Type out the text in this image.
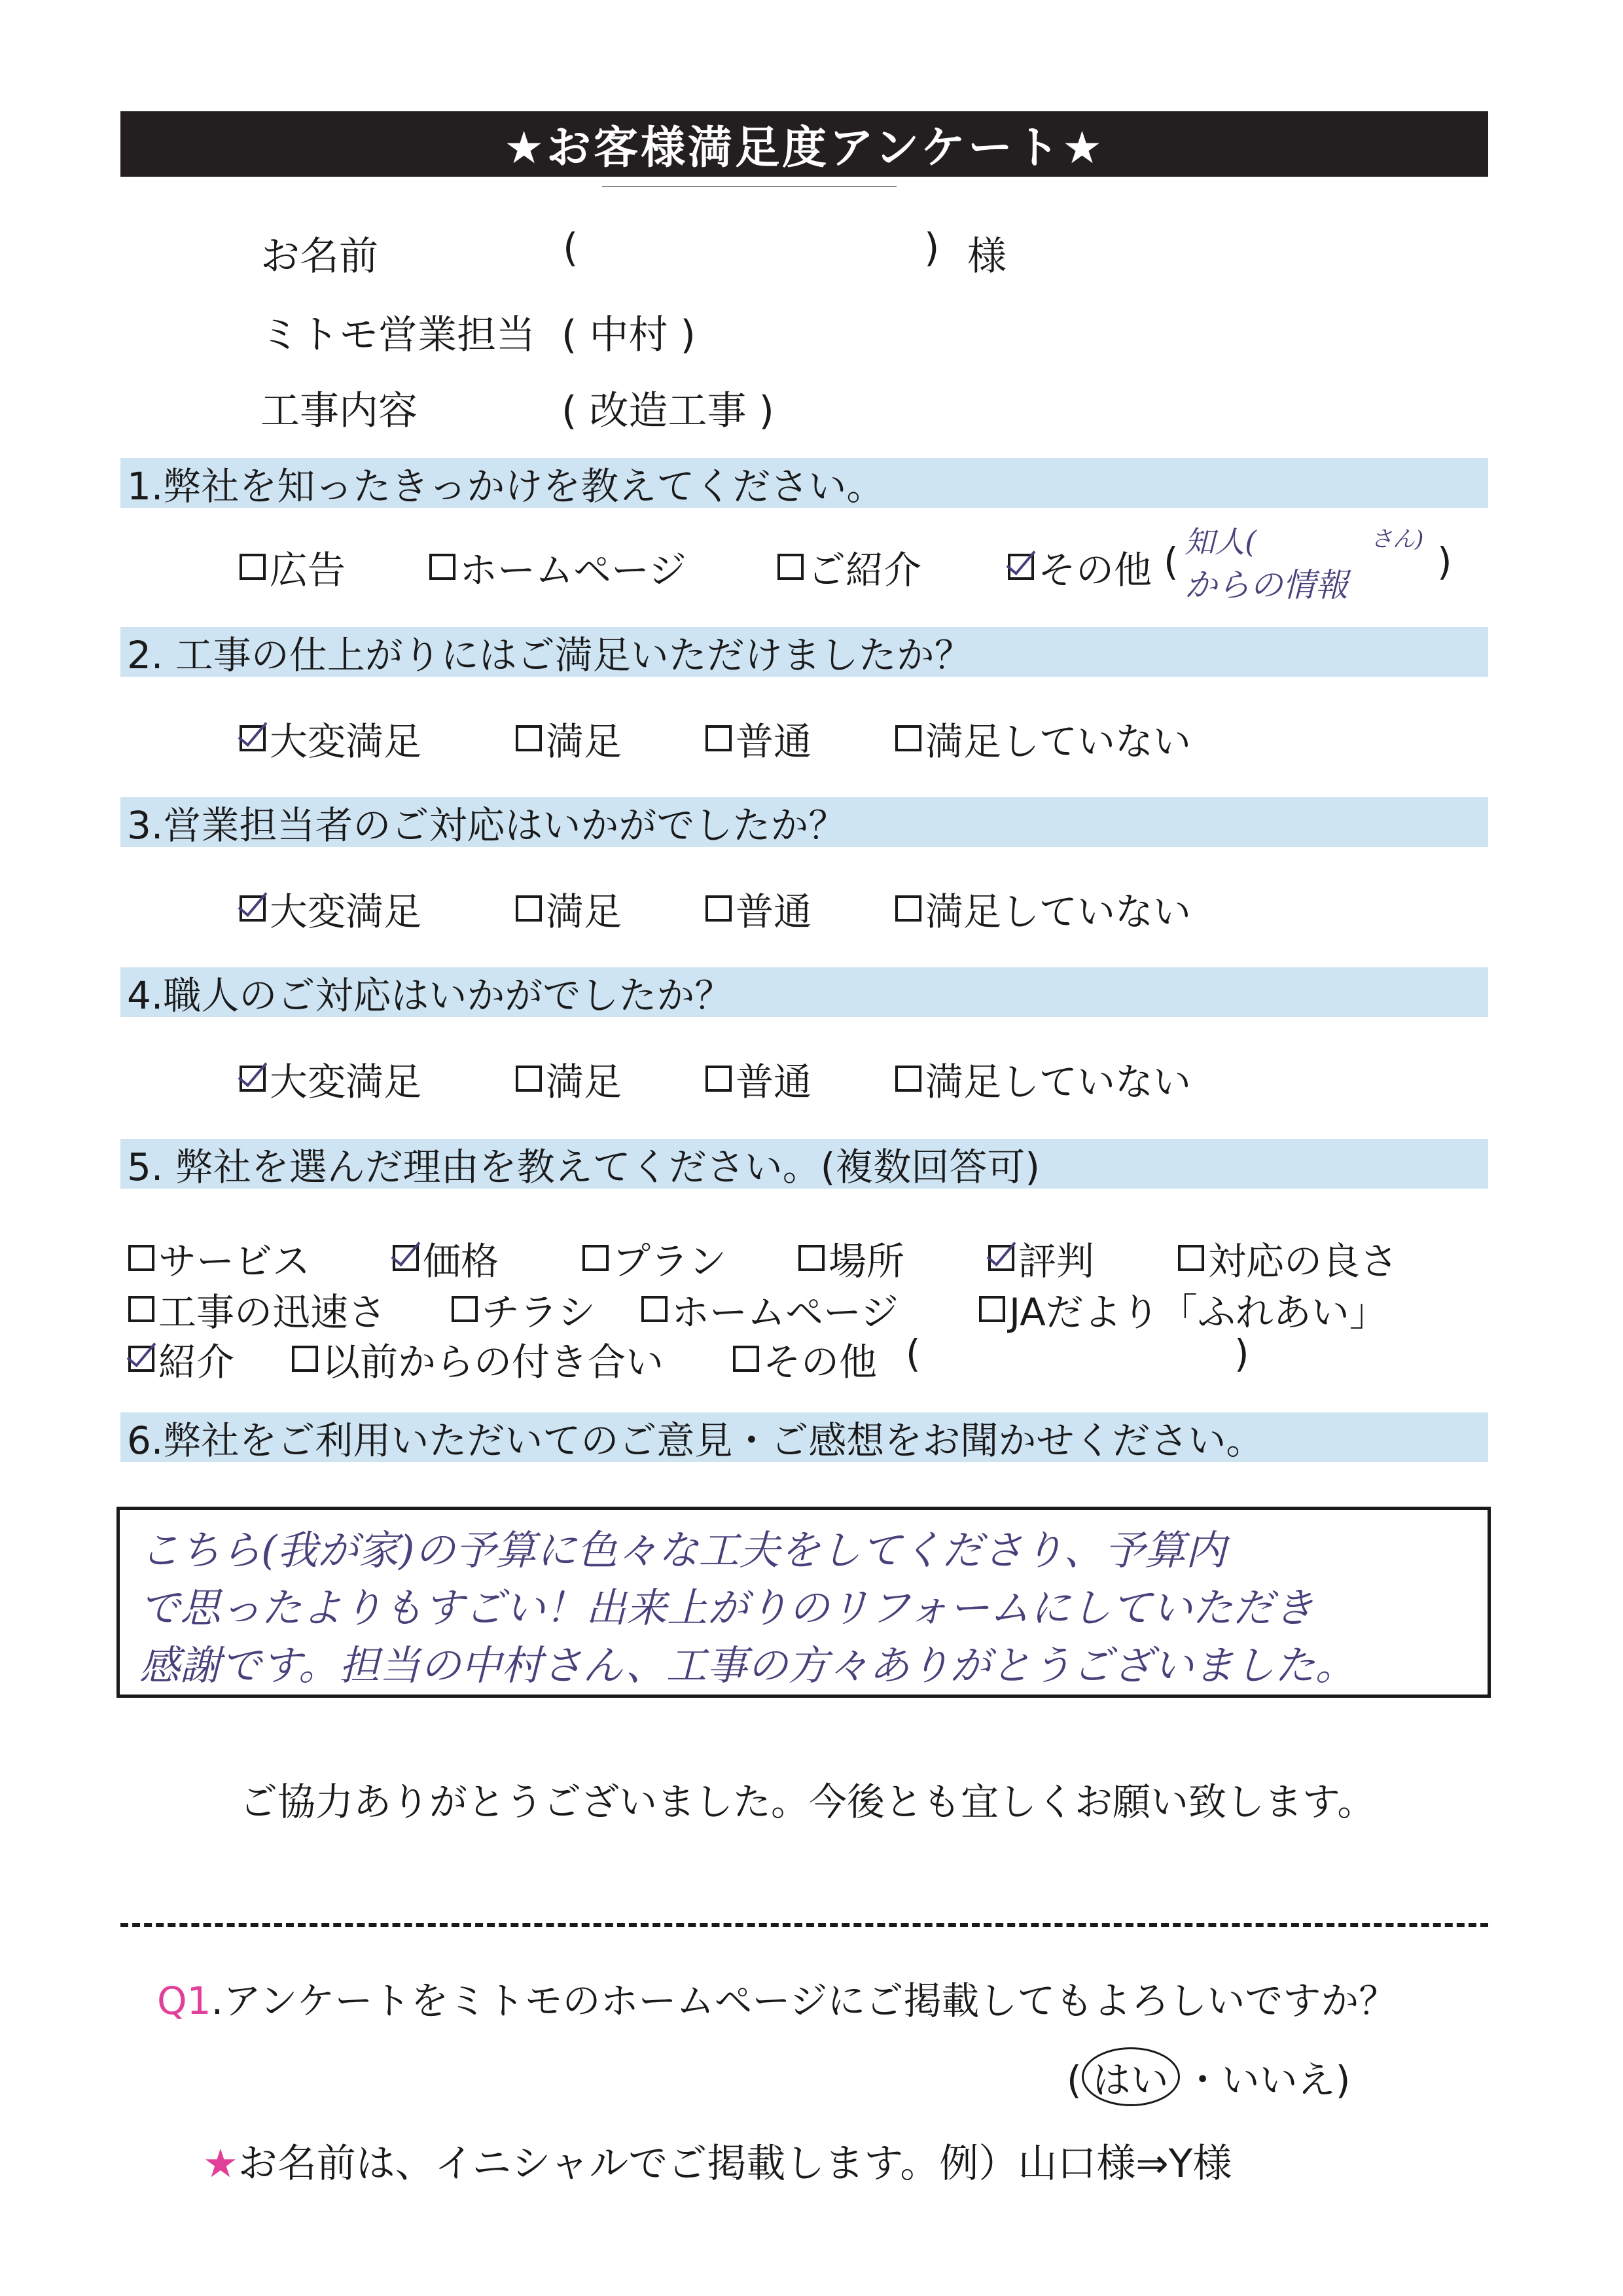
★お客様満足度アンケート★
お名前	(	) 様
ミトモ営業担当 ( 中村 )
工事内容	( 改造工事 )
1.弊社を知ったきっかけを教えてください。
広告	ホームページ	ご紹介	その他 ( 知人(	さん)
からの情報
)
2. 工事の仕上がりにはご満足いただけましたか？
大変満足	満足	普通	満足していない
3.営業担当者のご対応はいかがでしたか？
大変満足	満足	普通	満足していない
4.職人のご対応はいかがでしたか？
大変満足	満足	普通	満足していない
5. 弊社を選んだ理由を教えてください。(複数回答可)
サービス	価格	プラン	場所	評判	対応の良さ
工事の迅速さ	チラシ ホームページ	JAだより「ふれあい」
紹介 以前からの付き合い	その他 (	)
6.弊社をご利用いただいてのご意見・ご感想をお聞かせください。
こちら(我が家)の予算に色々な工夫をしてくださり、予算内
で思ったよりもすごい！出来上がりのリフォームにしていただき
感謝です。担当の中村さん、工事の方々ありがとうございました。
ご協力ありがとうございました。今後とも宜しくお願い致します。
Q1.アンケートをミトモのホームページにご掲載してもよろしいですか？
( はい ・いいえ)
★お名前は、イニシャルでご掲載します。例）山口様⇒Y様
